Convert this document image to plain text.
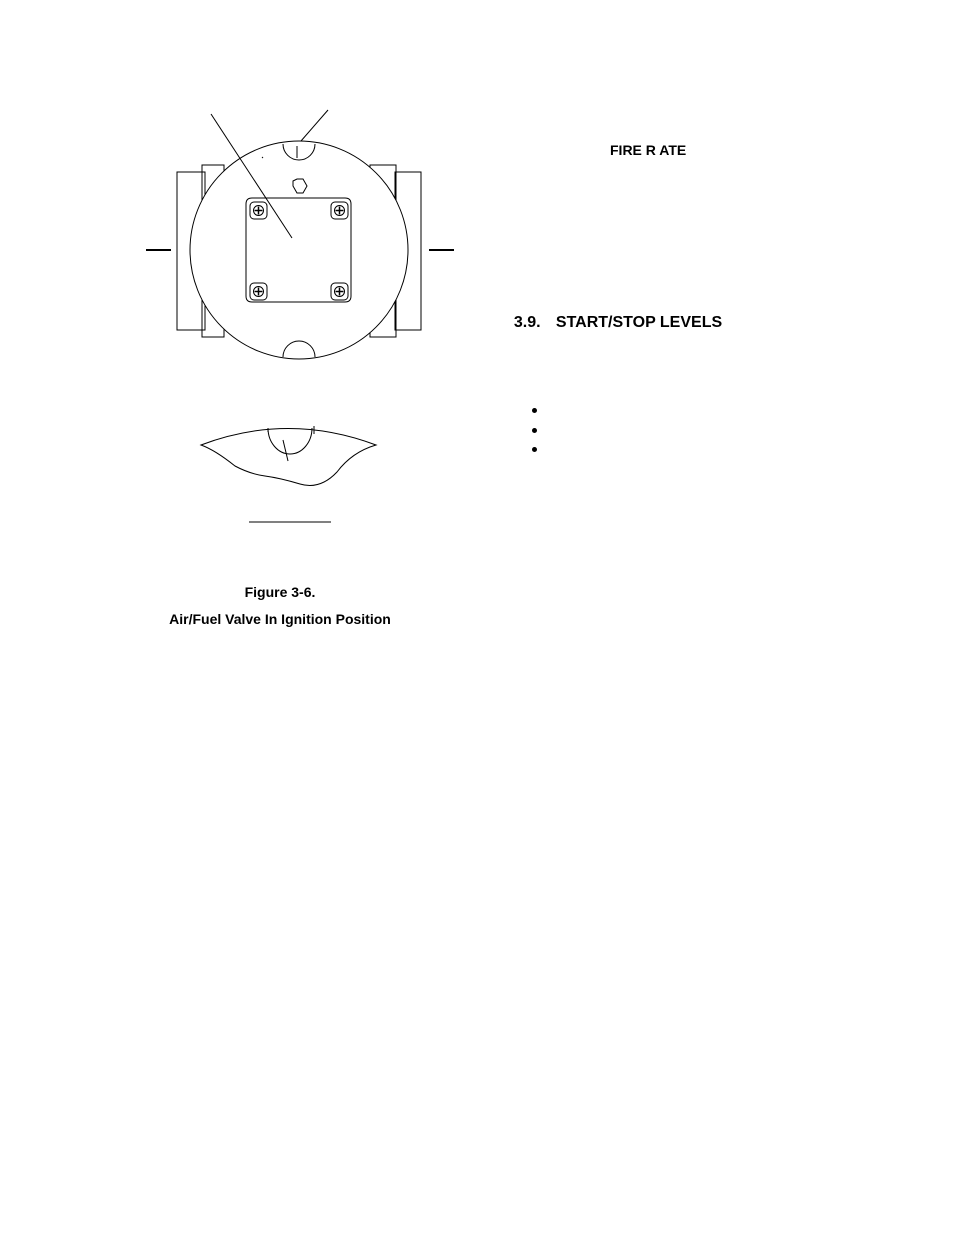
FIRE R ATE

3.9. START/STOP LEVELS

Figure 3-6.
Air/Fuel Valve In Ignition Position
